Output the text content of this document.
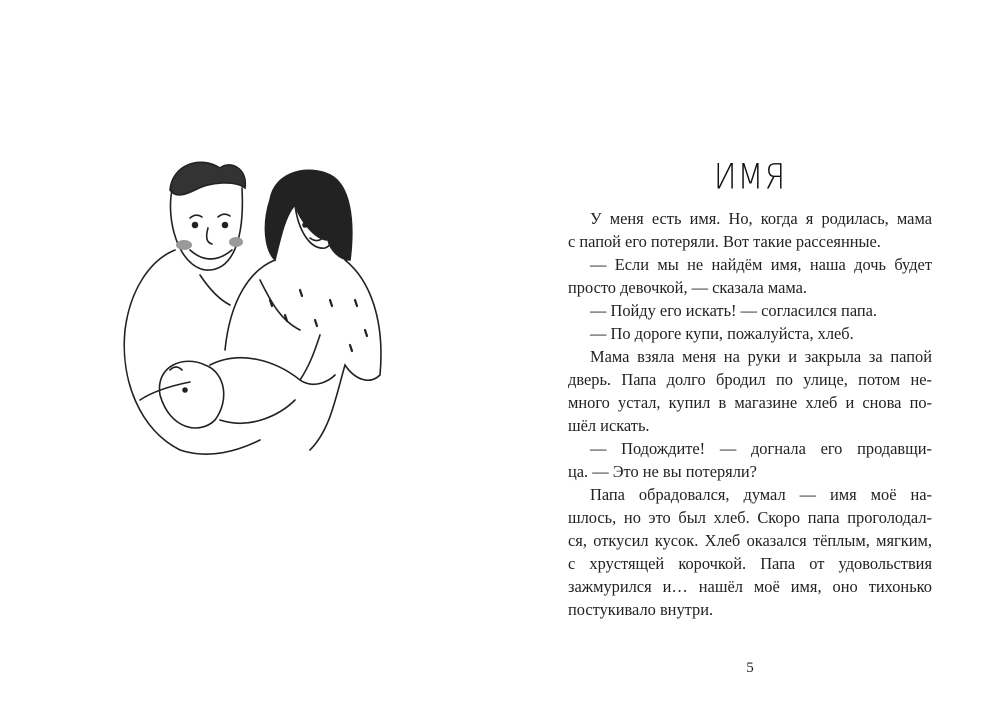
ИМЯ
У меня есть имя. Но, когда я родилась, мама
с папой его потеряли. Вот такие рассеянные.
— Если мы не найдём имя, наша дочь будет
просто девочкой, — сказала мама.
— Пойду его искать! — согласился папа.
— По дороге купи, пожалуйста, хлеб.
Мама взяла меня на руки и закрыла за папой
дверь. Папа долго бродил по улице, потом не-
много устал, купил в магазине хлеб и снова по-
шёл искать.
— Подождите! — догнала его продавщи-
ца. — Это не вы потеряли?
Папа обрадовался, думал — имя моё на-
шлось, но это был хлеб. Скоро папа проголодал-
ся, откусил кусок. Хлеб оказался тёплым, мягким,
с хрустящей корочкой. Папа от удовольствия
зажмурился и… нашёл моё имя, оно тихонько
постукивало внутри.
5
